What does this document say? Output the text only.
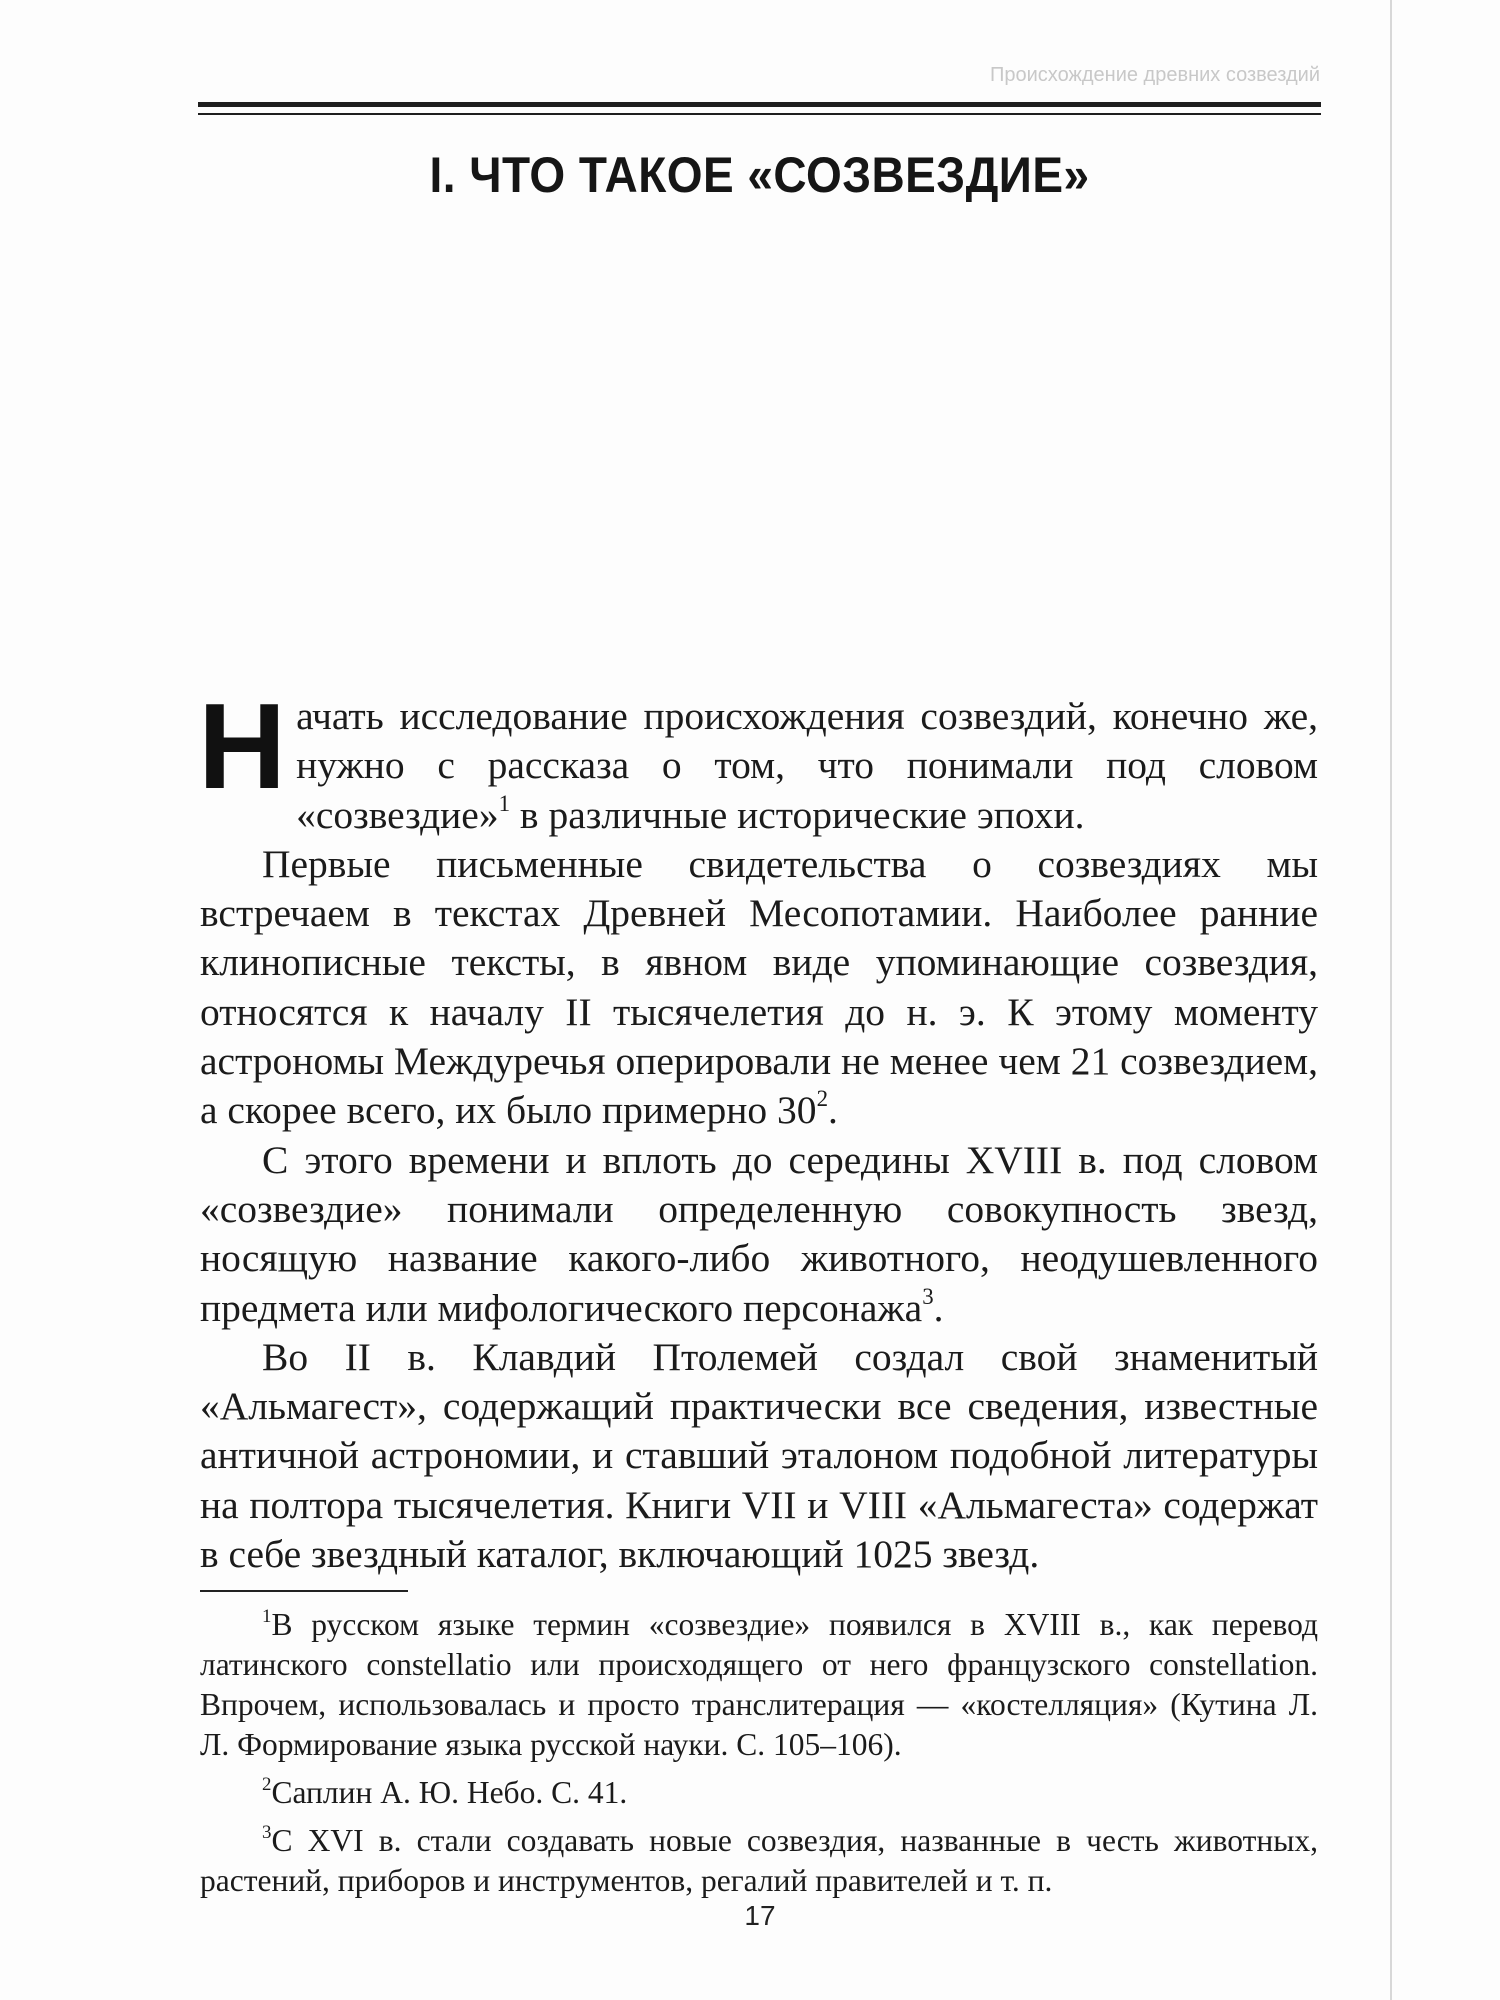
Происхождение древних созвездий
I. ЧТО ТАКОЕ «СОЗВЕЗДИЕ»

Начать исследование происхождения созвездий, конечно же, нужно с рассказа о том, что понимали под словом «созвездие»$^1$ в различные исторические эпохи.

Первые письменные свидетельства о созвездиях мы встречаем в текстах Древней Месопотамии. Наиболее ранние клинописные тексты, в явном виде упоминающие созвездия, относятся к началу II тысячелетия до н. э. К этому моменту астрономы Междуречья оперировали не менее чем 21 созвездием, а скорее всего, их было примерно $30^2$.

С этого времени и вплоть до середины XVIII в. под словом «созвездие» понимали определенную совокупность звезд, носящую название какого-либо животного, неодушевленного предмета или мифологического персонажа$^3$.

Во II в. Клавдий Птолемей создал свой знаменитый «Альмагест», содержащий практически все сведения, известные античной астрономии, и ставший эталоном подобной литературы на полтора тысячелетия. Книги VII и VIII «Альмагеста» содержат в себе звездный каталог, включающий 1025 звезд.

$^1$В русском языке термин «созвездие» появился в XVIII в., как перевод латинского constellatio или происходящего от него французского constellation. Впрочем, использовалась и просто транслитерация — «костелляция» (Кутина Л. Л. Формирование языка русской науки. С. 105–106).

$^2$Саплин А. Ю. Небо. С. 41.

$^3$С XVI в. стали создавать новые созвездия, названные в честь животных, растений, приборов и инструментов, регалий правителей и т. п.

17
